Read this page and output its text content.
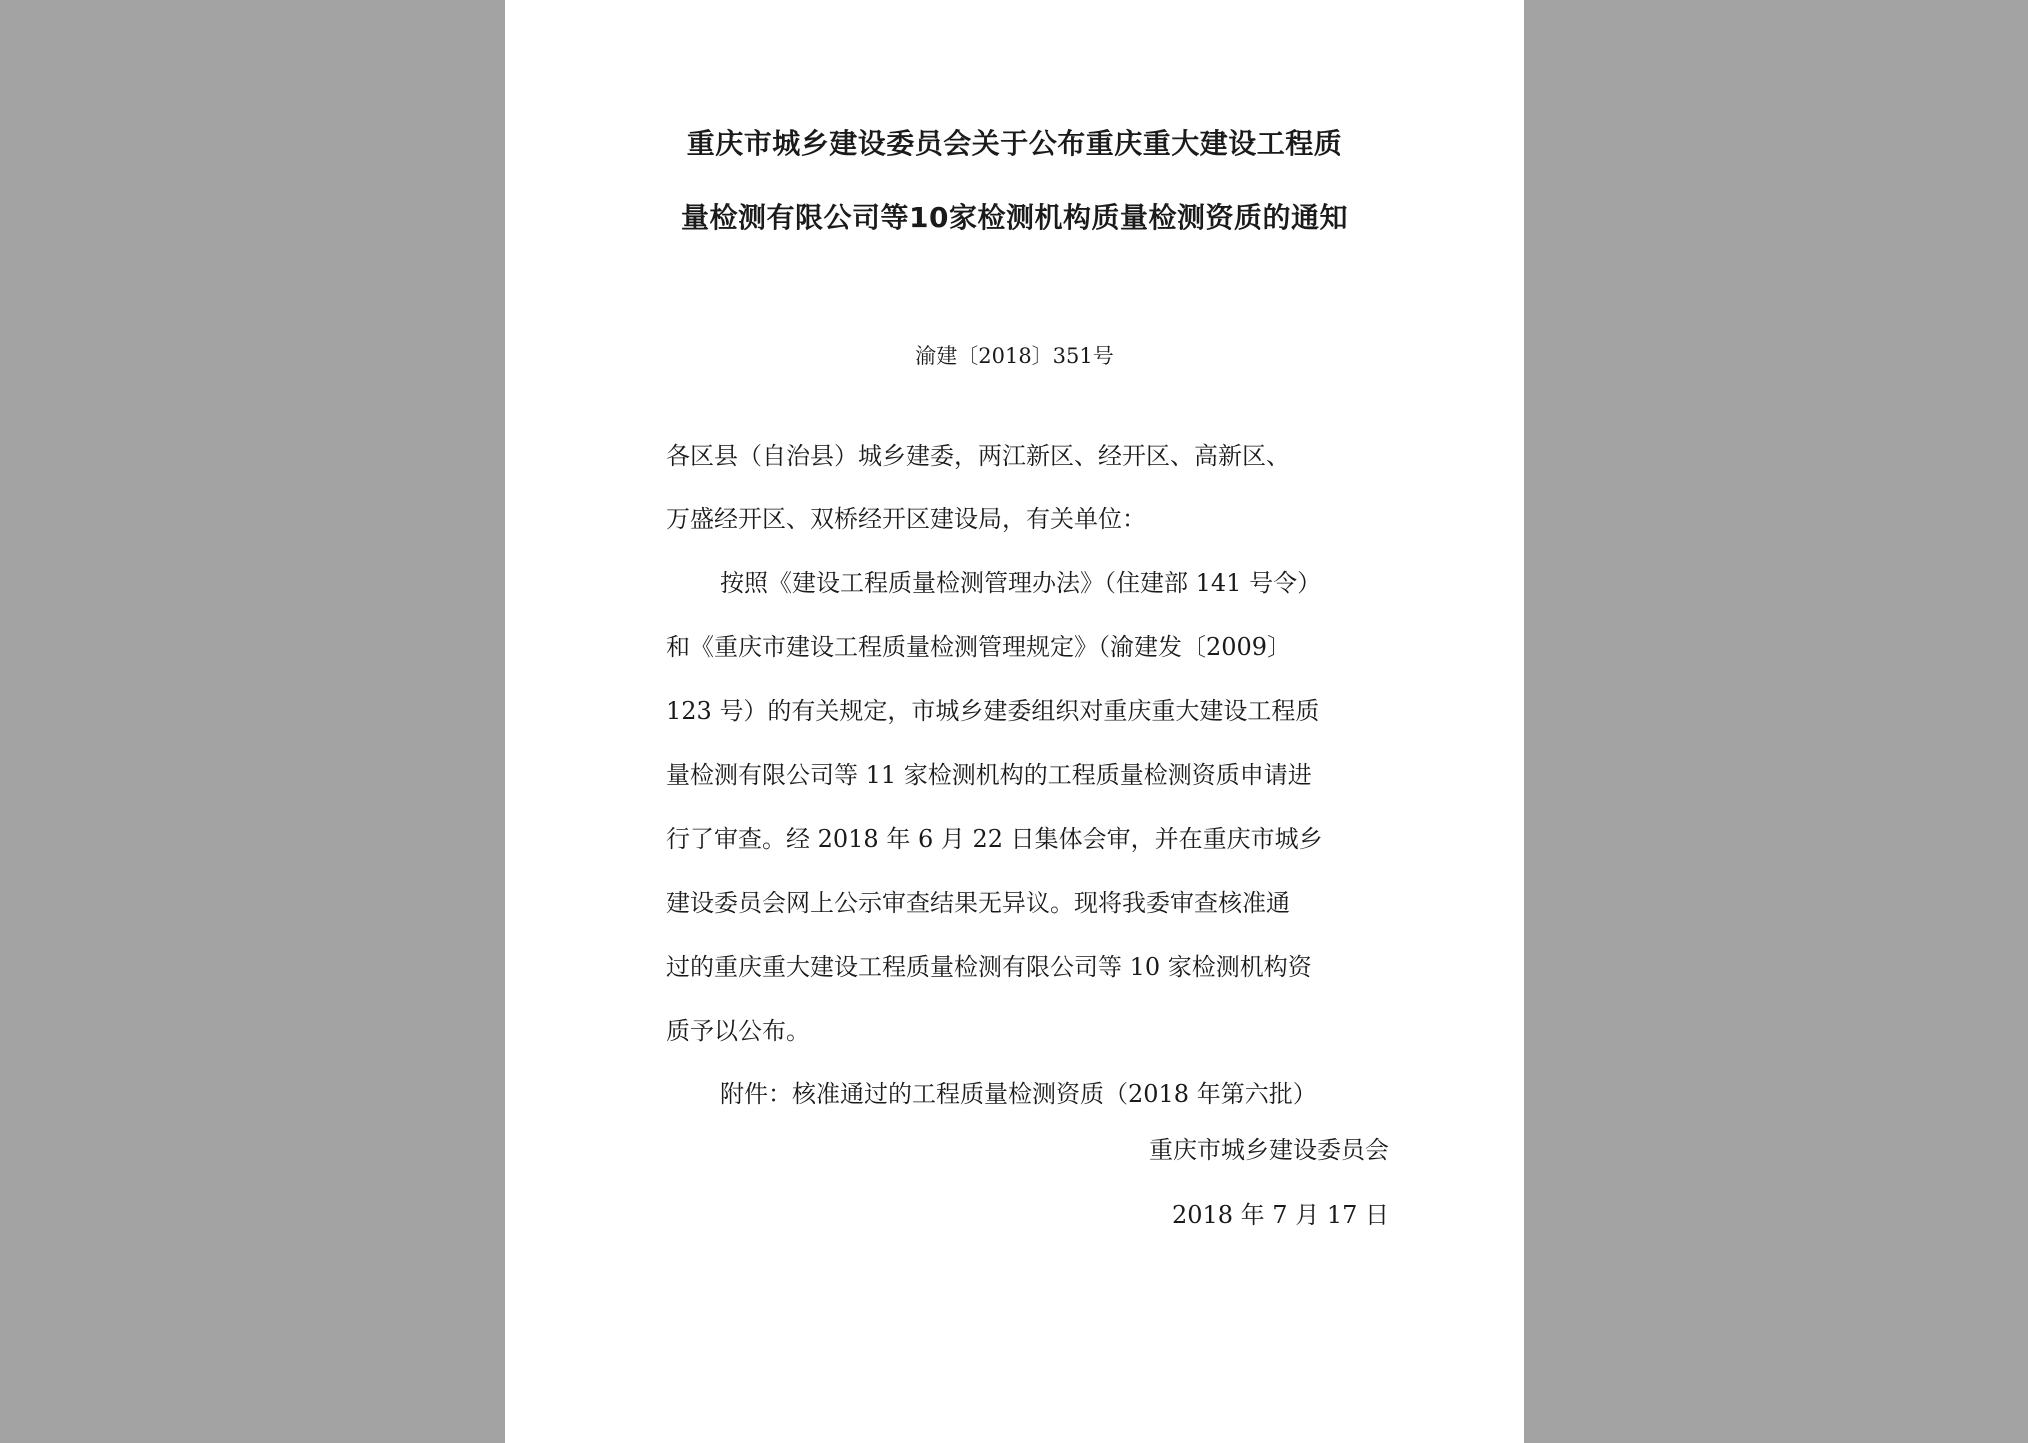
重庆市城乡建设委员会关于公布重庆重大建设工程质
量检测有限公司等10家检测机构质量检测资质的通知
渝建〔2018〕351号
各区县（自治县）城乡建委，两江新区、经开区、高新区、
万盛经开区、双桥经开区建设局，有关单位：
按照《建设工程质量检测管理办法》（住建部 141 号令）
和《重庆市建设工程质量检测管理规定》（渝建发〔2009〕
123 号）的有关规定，市城乡建委组织对重庆重大建设工程质
量检测有限公司等 11 家检测机构的工程质量检测资质申请进
行了审查。经 2018 年 6 月 22 日集体会审，并在重庆市城乡
建设委员会网上公示审查结果无异议。现将我委审查核准通
过的重庆重大建设工程质量检测有限公司等 10 家检测机构资
质予以公布。
附件：核准通过的工程质量检测资质（2018 年第六批）
重庆市城乡建设委员会
2018 年 7 月 17 日
